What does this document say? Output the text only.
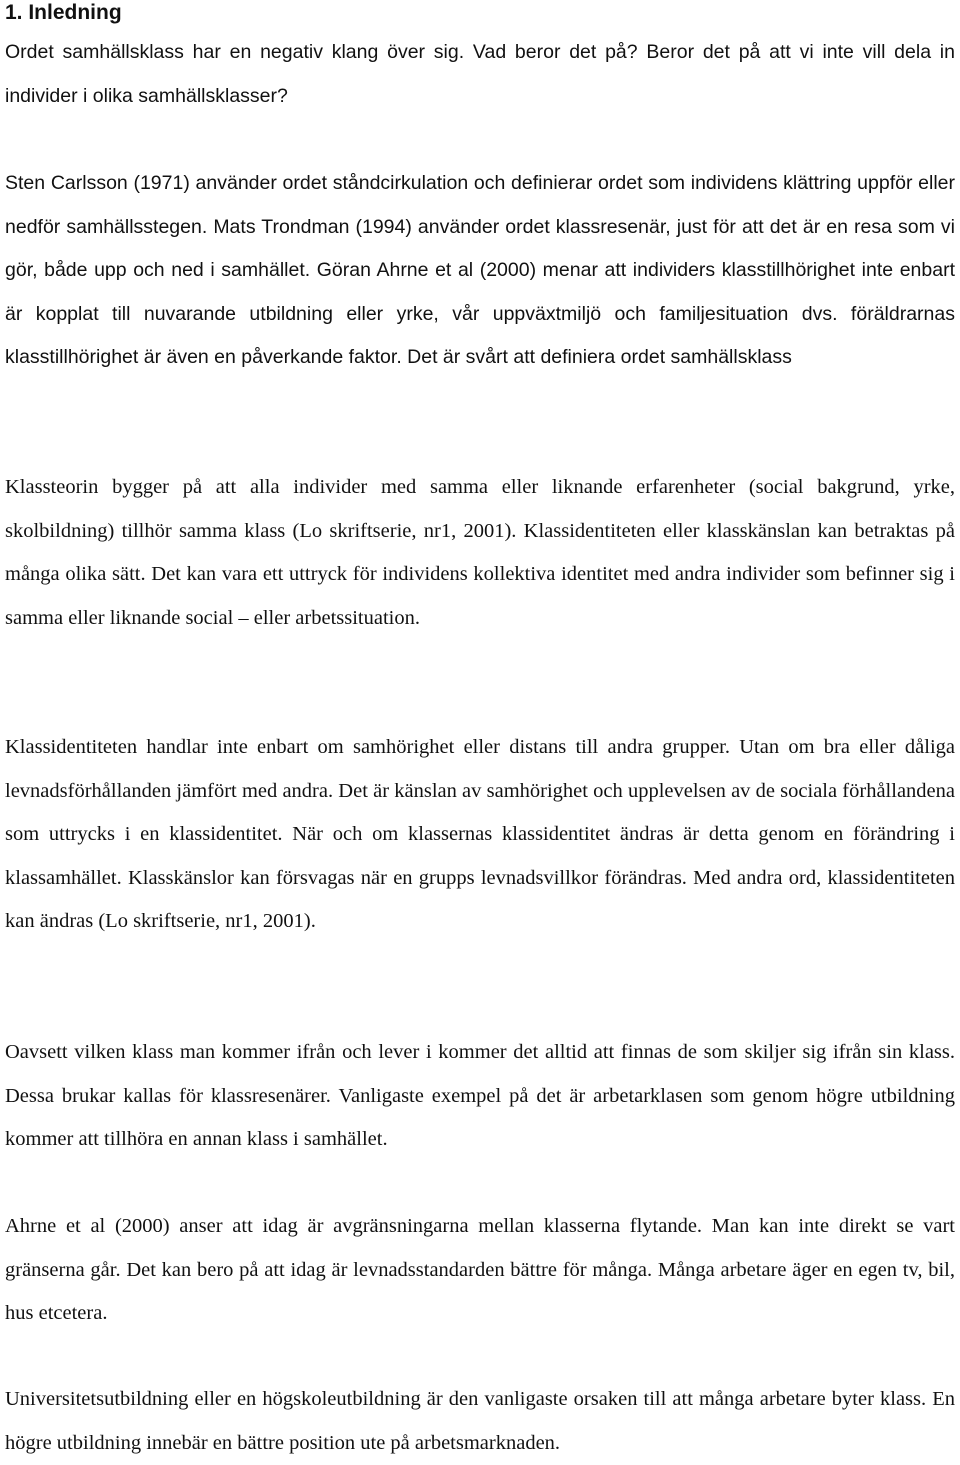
1. Inledning

Ordet samhällsklass har en negativ klang över sig. Vad beror det på? Beror det på att vi inte vill dela in individer i olika samhällsklasser?

Sten Carlsson (1971) använder ordet ståndcirkulation och definierar ordet som individens klättring uppför eller nedför samhällsstegen. Mats Trondman (1994) använder ordet klassresenär, just för att det är en resa som vi gör, både upp och ned i samhället. Göran Ahrne et al (2000) menar att individers klasstillhörighet inte enbart är kopplat till nuvarande utbildning eller yrke, vår uppväxtmiljö och familjesituation dvs. föräldrarnas klasstillhörighet är även en påverkande faktor. Det är svårt att definiera ordet samhällsklass

Klassteorin bygger på att alla individer med samma eller liknande erfarenheter (social bakgrund, yrke, skolbildning) tillhör samma klass (Lo skriftserie, nr1, 2001). Klassidentiteten eller klasskänslan kan betraktas på många olika sätt. Det kan vara ett uttryck för individens kollektiva identitet med andra individer som befinner sig i samma eller liknande social – eller arbetssituation.

Klassidentiteten handlar inte enbart om samhörighet eller distans till andra grupper. Utan om bra eller dåliga levnadsförhållanden jämfört med andra. Det är känslan av samhörighet och upplevelsen av de sociala förhållandena som uttrycks i en klassidentitet. När och om klassernas klassidentitet ändras är detta genom en förändring i klassamhället. Klasskänslor kan försvagas när en grupps levnadsvillkor förändras. Med andra ord, klassidentiteten kan ändras (Lo skriftserie, nr1, 2001).

Oavsett vilken klass man kommer ifrån och lever i kommer det alltid att finnas de som skiljer sig ifrån sin klass. Dessa brukar kallas för klassresenärer. Vanligaste exempel på det är arbetarklasen som genom högre utbildning kommer att tillhöra en annan klass i samhället.

Ahrne et al (2000) anser att idag är avgränsningarna mellan klasserna flytande. Man kan inte direkt se vart gränserna går. Det kan bero på att idag är levnadsstandarden bättre för många. Många arbetare äger en egen tv, bil, hus etcetera.

Universitetsutbildning eller en högskoleutbildning är den vanligaste orsaken till att många arbetare byter klass. En högre utbildning innebär en bättre position ute på arbetsmarknaden.
